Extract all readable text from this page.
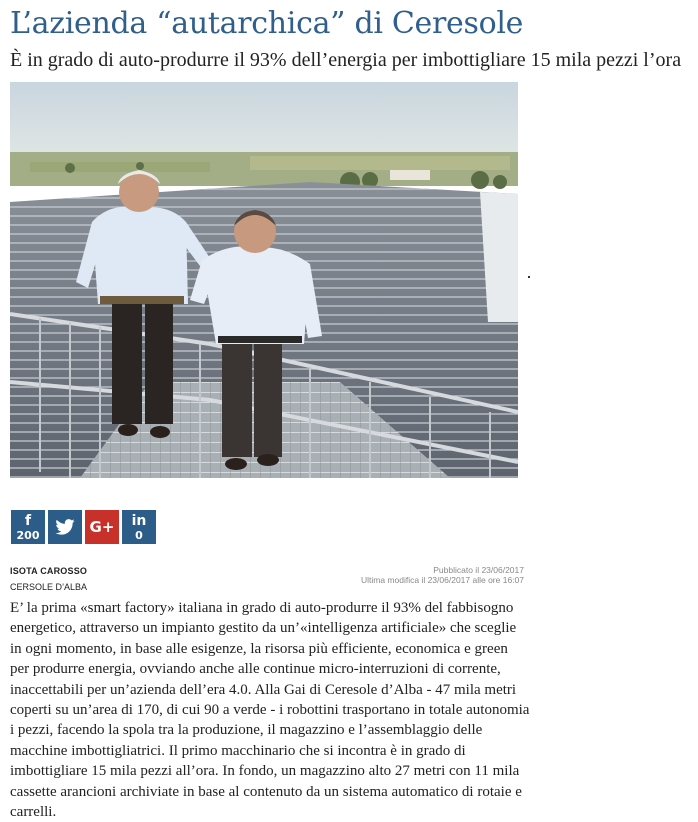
L’azienda “autarchica” di Ceresole
È in grado di auto-produrre il 93% dell’energia per imbottigliare 15 mila pezzi l’ora
f
200	G+	in
0
ISOTA CAROSSO
CERSOLE D’ALBA
Pubblicato il 23/06/2017
Ultima modifica il 23/06/2017 alle ore 16:07

E’ la prima «smart factory» italiana in grado di auto-produrre il 93% del fabbisogno energetico, attraverso un impianto gestito da un’«intelligenza artificiale» che sceglie in ogni momento, in base alle esigenze, la risorsa più efficiente, economica e green per produrre energia, ovviando anche alle continue micro-interruzioni di corrente, inaccettabili per un’azienda dell’era 4.0. Alla Gai di Ceresole d’Alba - 47 mila metri coperti su un’area di 170, di cui 90 a verde - i robottini trasportano in totale autonomia i pezzi, facendo la spola tra la produzione, il magazzino e l’assemblaggio delle macchine imbottigliatrici. Il primo macchinario che si incontra è in grado di imbottigliare 15 mila pezzi all’ora. In fondo, un magazzino alto 27 metri con 11 mila cassette arancioni archiviate in base al contenuto da un sistema automatico di rotaie e carrelli.
